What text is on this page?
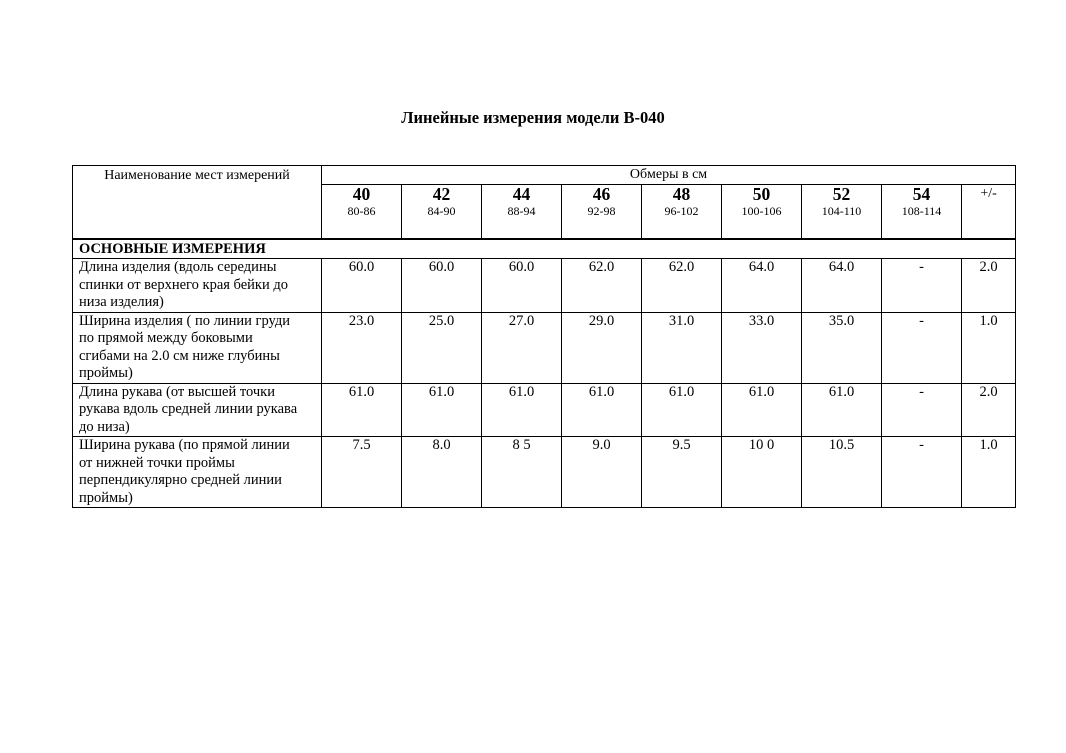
Линейные измерения модели В-040
Наименование мест измерений	Обмеры в см								
	40	42	44	46	48	50	52	54	+/-
	80-86	84-90	88-94	92-98	96-102	100-106	104-110	108-114	
ОСНОВНЫЕ ИЗМЕРЕНИЯ									

Длина изделия (вдоль середины
спинки от верхнего края бейки до
низа изделия)	60.0	60.0	60.0	62.0	62.0	64.0	64.0	-	2.0

Ширина изделия ( по линии груди
по прямой между боковыми
сгибами на 2.0 см ниже глубины
проймы)	23.0	25.0	27.0	29.0	31.0	33.0	35.0	-	1.0

Длина рукава (от высшей точки
рукава вдоль средней линии рукава
до низа)	61.0	61.0	61.0	61.0	61.0	61.0	61.0	-	2.0

Ширина рукава (по прямой линии
от нижней точки проймы
перпендикулярно средней линии
проймы)	7.5	8.0	8 5	9.0	9.5	10 0	10.5	-	1.0
